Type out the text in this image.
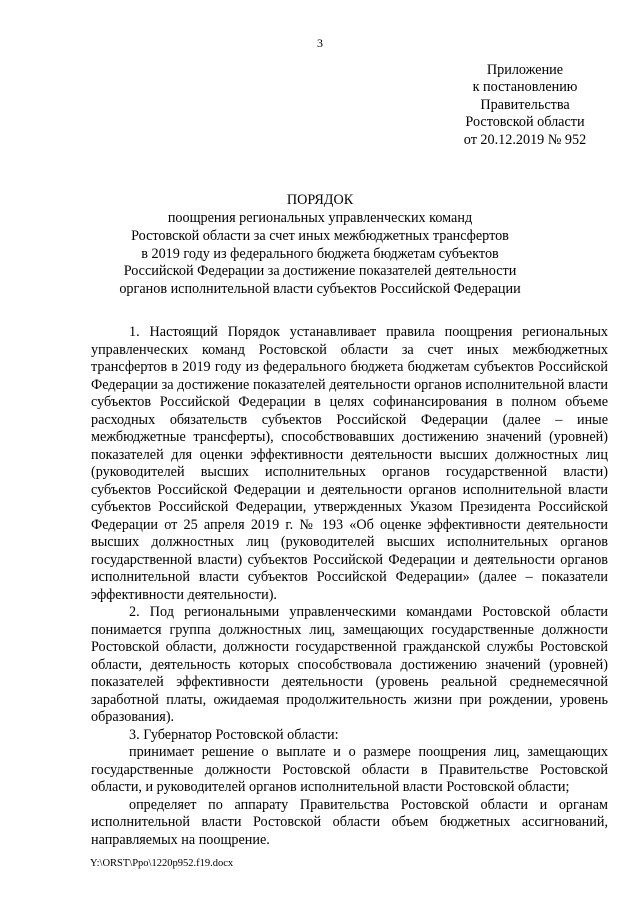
3
Приложение
к постановлению
Правительства
Ростовской области
от 20.12.2019 № 952
ПОРЯДОК
поощрения региональных управленческих команд
Ростовской области за счет иных межбюджетных трансфертов
в 2019 году из федерального бюджета бюджетам субъектов
Российской Федерации за достижение показателей деятельности
органов исполнительной власти субъектов Российской Федерации

1. Настоящий Порядок устанавливает правила поощрения региональных управленческих команд Ростовской области за счет иных межбюджетных трансфертов в 2019 году из федерального бюджета бюджетам субъектов Российской Федерации за достижение показателей деятельности органов исполнительной власти субъектов Российской Федерации в целях софинансирования в полном объеме расходных обязательств субъектов Российской Федерации (далее – иные межбюджетные трансферты), способствовавших достижению значений (уровней) показателей для оценки эффективности деятельности высших должностных лиц (руководителей высших исполнительных органов государственной власти) субъектов Российской Федерации и деятельности органов исполнительной власти субъектов Российской Федерации, утвержденных Указом Президента Российской Федерации от 25 апреля 2019 г. № 193 «Об оценке эффективности деятельности высших должностных лиц (руководителей высших исполнительных органов государственной власти) субъектов Российской Федерации и деятельности органов исполнительной власти субъектов Российской Федерации» (далее – показатели эффективности деятельности).

2. Под региональными управленческими командами Ростовской области понимается группа должностных лиц, замещающих государственные должности Ростовской области, должности государственной гражданской службы Ростовской области, деятельность которых способствовала достижению значений (уровней) показателей эффективности деятельности (уровень реальной среднемесячной заработной платы, ожидаемая продолжительность жизни при рождении, уровень образования).

3. Губернатор Ростовской области:

принимает решение о выплате и о размере поощрения лиц, замещающих государственные должности Ростовской области в Правительстве Ростовской области, и руководителей органов исполнительной власти Ростовской области;

определяет по аппарату Правительства Ростовской области и органам исполнительной власти Ростовской области объем бюджетных ассигнований, направляемых на поощрение.

Y:\ORST\Ppo\1220p952.f19.docx
